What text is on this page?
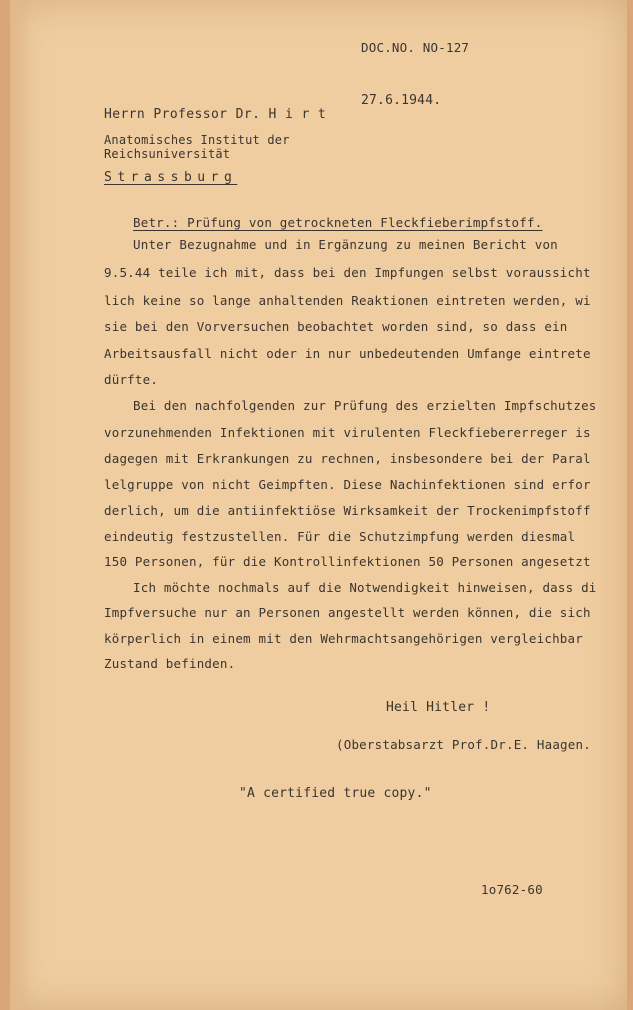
DOC.NO. NO-127
27.6.1944.
Herrn Professor Dr. H i r t
Anatomisches Institut der
Reichsuniversität
Strassburg
Betr.: Prüfung von getrockneten Fleckfieberimpfstoff.
Unter Bezugnahme und in Ergänzung zu meinen Bericht von
9.5.44 teile ich mit, dass bei den Impfungen selbst voraussicht
lich keine so lange anhaltenden Reaktionen eintreten werden, wi
sie bei den Vorversuchen beobachtet worden sind, so dass ein
Arbeitsausfall nicht oder in nur unbedeutenden Umfange eintrete
dürfte.
Bei den nachfolgenden zur Prüfung des erzielten Impfschutzes
vorzunehmenden Infektionen mit virulenten Fleckfiebererreger is
dagegen mit Erkrankungen zu rechnen, insbesondere bei der Paral
lelgruppe von nicht Geimpften. Diese Nachinfektionen sind erfor
derlich, um die antiinfektiöse Wirksamkeit der Trockenimpfstoff
eindeutig festzustellen. Für die Schutzimpfung werden diesmal
150 Personen, für die Kontrollinfektionen 50 Personen angesetzt
Ich möchte nochmals auf die Notwendigkeit hinweisen, dass di
Impfversuche nur an Personen angestellt werden können, die sich
körperlich in einem mit den Wehrmachtsangehörigen vergleichbar
Zustand befinden.
Heil Hitler !
(Oberstabsarzt Prof.Dr.E. Haagen.
"A certified true copy."
1o762-60
